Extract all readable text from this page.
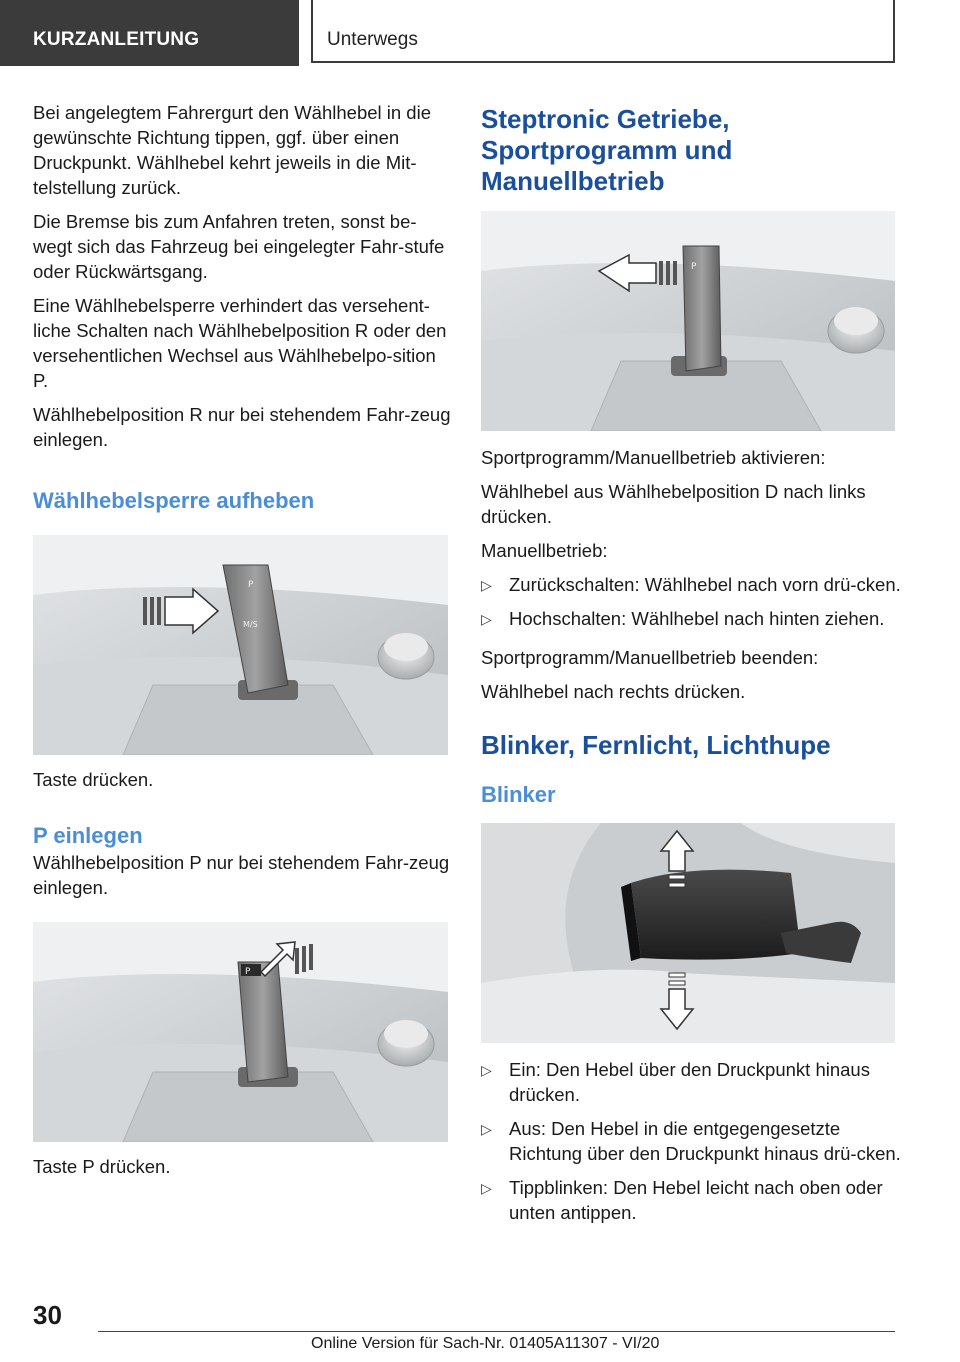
KURZANLEITUNG	Unterwegs

Bei angelegtem Fahrergurt den Wählhebel in die gewünschte Richtung tippen, ggf. über einen Druckpunkt. Wählhebel kehrt jeweils in die Mit-telstellung zurück.

Die Bremse bis zum Anfahren treten, sonst be-wegt sich das Fahrzeug bei eingelegter Fahr-stufe oder Rückwärtsgang.

Eine Wählhebelsperre verhindert das versehent-liche Schalten nach Wählhebelposition R oder den versehentlichen Wechsel aus Wählhebelpo-sition P.

Wählhebelposition R nur bei stehendem Fahr-zeug einlegen.

Wählhebelsperre aufheben
P
M/S

Taste drücken.

P einlegen

Wählhebelposition P nur bei stehendem Fahr-zeug einlegen.

P

Taste P drücken.

Steptronic Getriebe, Sportprogramm und Manuellbetrieb
P

Sportprogramm/Manuellbetrieb aktivieren:

Wählhebel aus Wählhebelposition D nach links drücken.

Manuellbetrieb:

▷ Zurückschalten: Wählhebel nach vorn drü-cken.
▷ Hochschalten: Wählhebel nach hinten ziehen.

Sportprogramm/Manuellbetrieb beenden:

Wählhebel nach rechts drücken.

Blinker, Fernlicht, Lichthupe
Blinker
▷ Ein: Den Hebel über den Druckpunkt hinaus drücken.
▷ Aus: Den Hebel in die entgegengesetzte Richtung über den Druckpunkt hinaus drü-cken.
▷ Tippblinken: Den Hebel leicht nach oben oder unten antippen.
30
Online Version für Sach-Nr. 01405A11307 - VI/20
